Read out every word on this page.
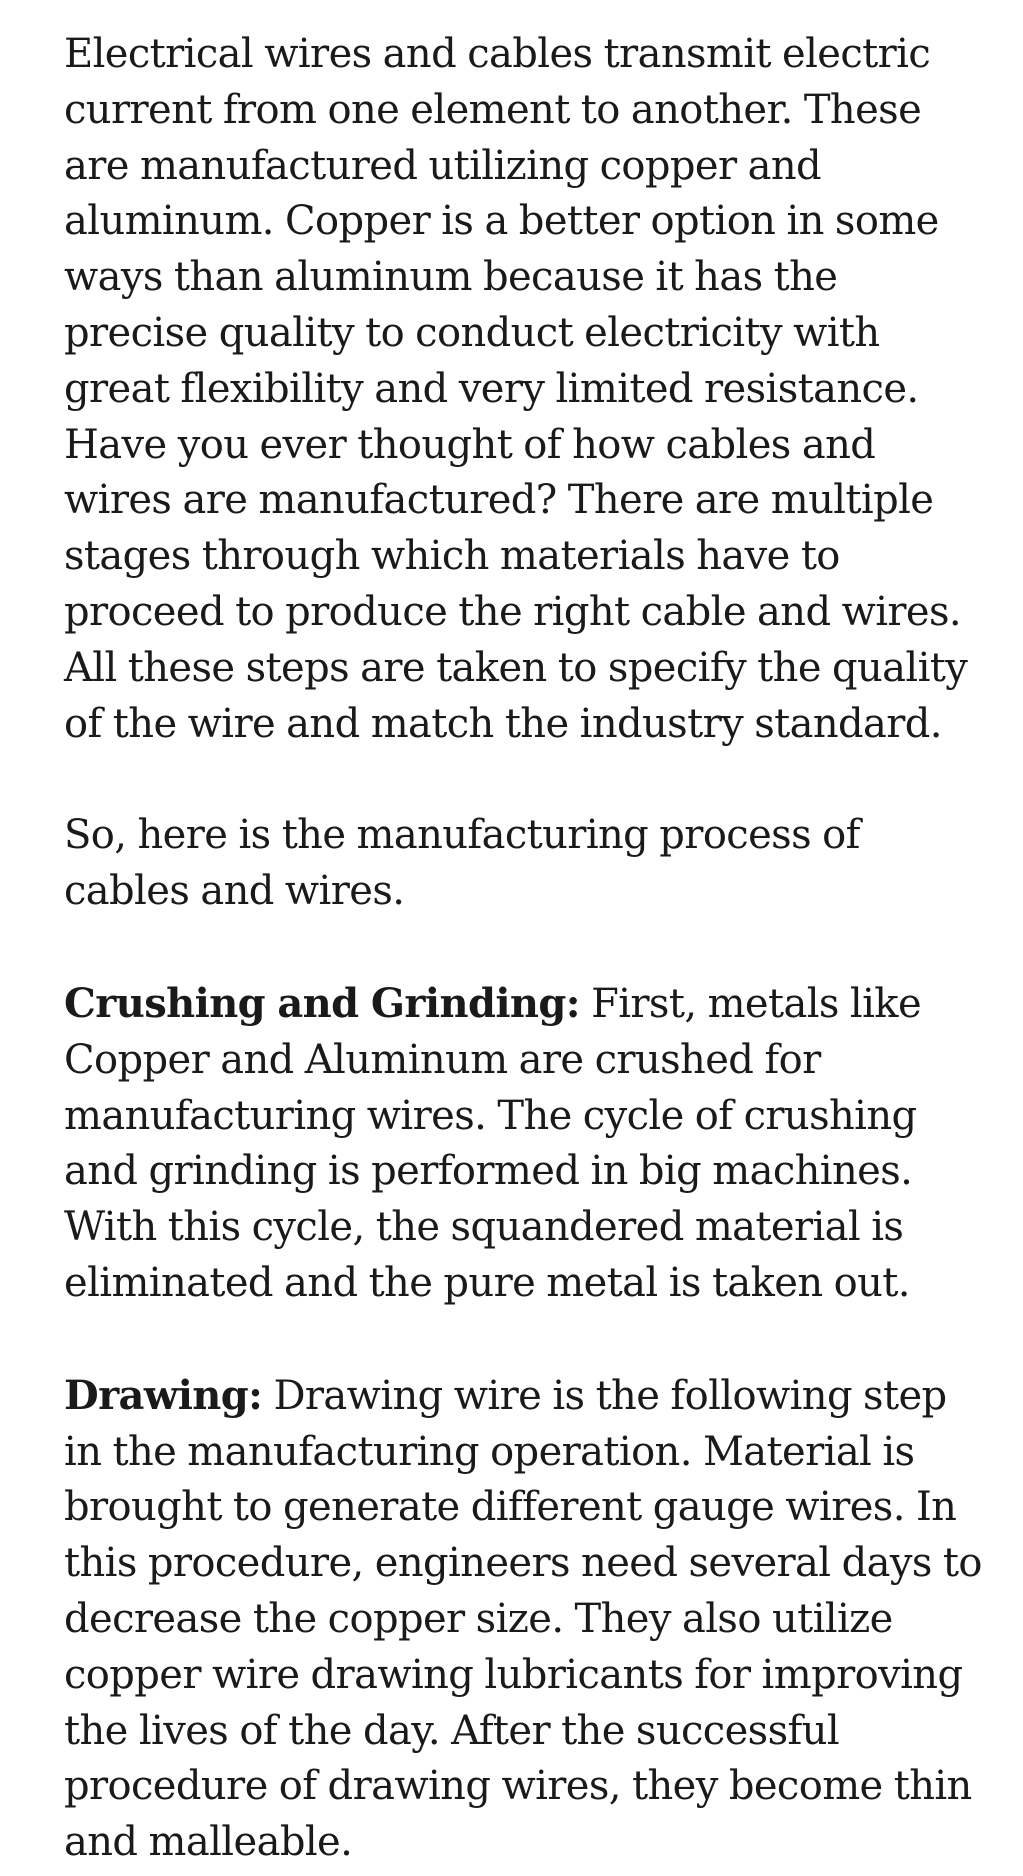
Electrical wires and cables transmit electric current from one element to another. These are manufactured utilizing copper and aluminum. Copper is a better option in some ways than aluminum because it has the precise quality to conduct electricity with great flexibility and very limited resistance. Have you ever thought of how cables and wires are manufactured? There are multiple stages through which materials have to proceed to produce the right cable and wires. All these steps are taken to specify the quality of the wire and match the industry standard.

So, here is the manufacturing process of cables and wires.

Crushing and Grinding: First, metals like Copper and Aluminum are crushed for manufacturing wires. The cycle of crushing and grinding is performed in big machines. With this cycle, the squandered material is eliminated and the pure metal is taken out.

Drawing: Drawing wire is the following step in the manufacturing operation. Material is brought to generate different gauge wires. In this procedure, engineers need several days to decrease the copper size. They also utilize copper wire drawing lubricants for improving the lives of the day. After the successful procedure of drawing wires, they become thin and malleable.
